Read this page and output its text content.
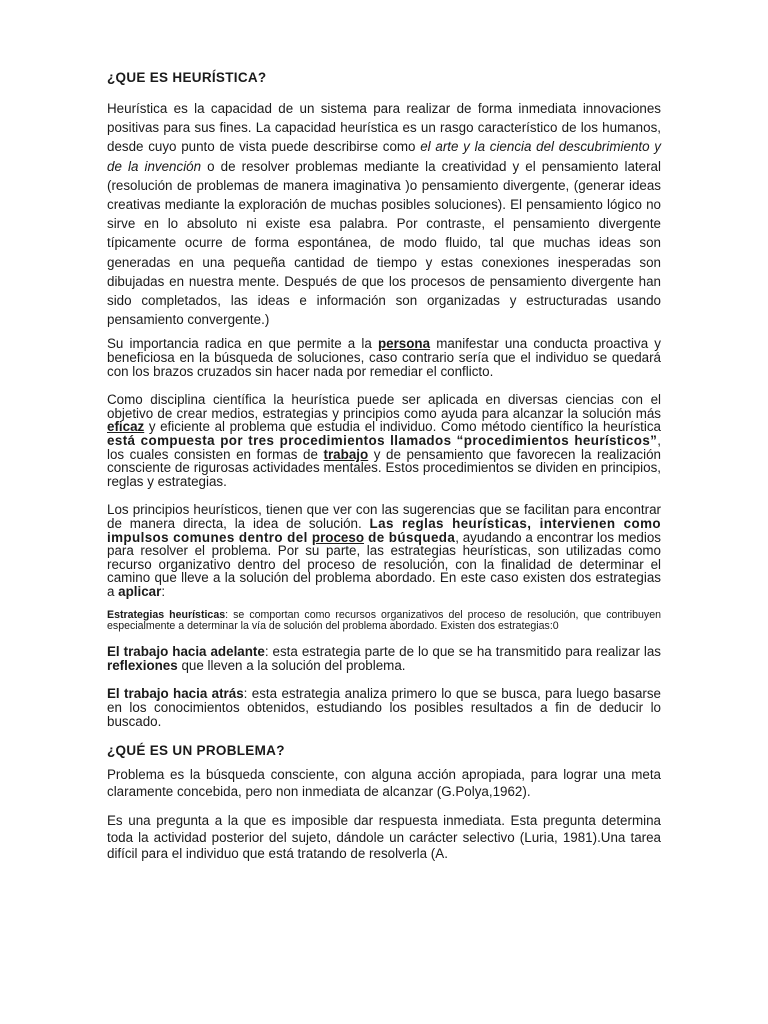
¿QUE ES HEURÍSTICA?

Heurística es la capacidad de un sistema para realizar de forma inmediata innovaciones positivas para sus fines. La capacidad heurística es un rasgo característico de los humanos, desde cuyo punto de vista puede describirse como el arte y la ciencia del descubrimiento y de la invención o de resolver problemas mediante la creatividad y el pensamiento lateral (resolución de problemas de manera imaginativa )o pensamiento divergente, (generar ideas creativas mediante la exploración de muchas posibles soluciones). El pensamiento lógico no sirve en lo absoluto ni existe esa palabra. Por contraste, el pensamiento divergente típicamente ocurre de forma espontánea, de modo fluido, tal que muchas ideas son generadas en una pequeña cantidad de tiempo y estas conexiones inesperadas son dibujadas en nuestra mente. Después de que los procesos de pensamiento divergente han sido completados, las ideas e información son organizadas y estructuradas usando pensamiento convergente.)

Su importancia radica en que permite a la persona manifestar una conducta proactiva y beneficiosa en la búsqueda de soluciones, caso contrario sería que el individuo se quedará con los brazos cruzados sin hacer nada por remediar el conflicto.

Como disciplina científica la heurística puede ser aplicada en diversas ciencias con el objetivo de crear medios, estrategias y principios como ayuda para alcanzar la solución más eficaz y eficiente al problema que estudia el individuo. Como método científico la heurística está compuesta por tres procedimientos llamados “procedimientos heurísticos”, los cuales consisten en formas de trabajo y de pensamiento que favorecen la realización consciente de rigurosas actividades mentales. Estos procedimientos se dividen en principios, reglas y estrategias.

Los principios heurísticos, tienen que ver con las sugerencias que se facilitan para encontrar de manera directa, la idea de solución. Las reglas heurísticas, intervienen como impulsos comunes dentro del proceso de búsqueda, ayudando a encontrar los medios para resolver el problema. Por su parte, las estrategias heurísticas, son utilizadas como recurso organizativo dentro del proceso de resolución, con la finalidad de determinar el camino que lleve a la solución del problema abordado. En este caso existen dos estrategias a aplicar:

Estrategias heurísticas: se comportan como recursos organizativos del proceso de resolución, que contribuyen especialmente a determinar la vía de solución del problema abordado. Existen dos estrategias:0

El trabajo hacia adelante: esta estrategia parte de lo que se ha transmitido para realizar las reflexiones que lleven a la solución del problema.

El trabajo hacia atrás: esta estrategia analiza primero lo que se busca, para luego basarse en los conocimientos obtenidos, estudiando los posibles resultados a fin de deducir lo buscado.

¿QUÉ ES UN PROBLEMA?

Problema es la búsqueda consciente, con alguna acción apropiada, para lograr una meta claramente concebida, pero non inmediata de alcanzar (G.Polya,1962).

Es una pregunta a la que es imposible dar respuesta inmediata. Esta pregunta determina toda la actividad posterior del sujeto, dándole un carácter selectivo (Luria, 1981).Una tarea difícil para el individuo que está tratando de resolverla (A.
